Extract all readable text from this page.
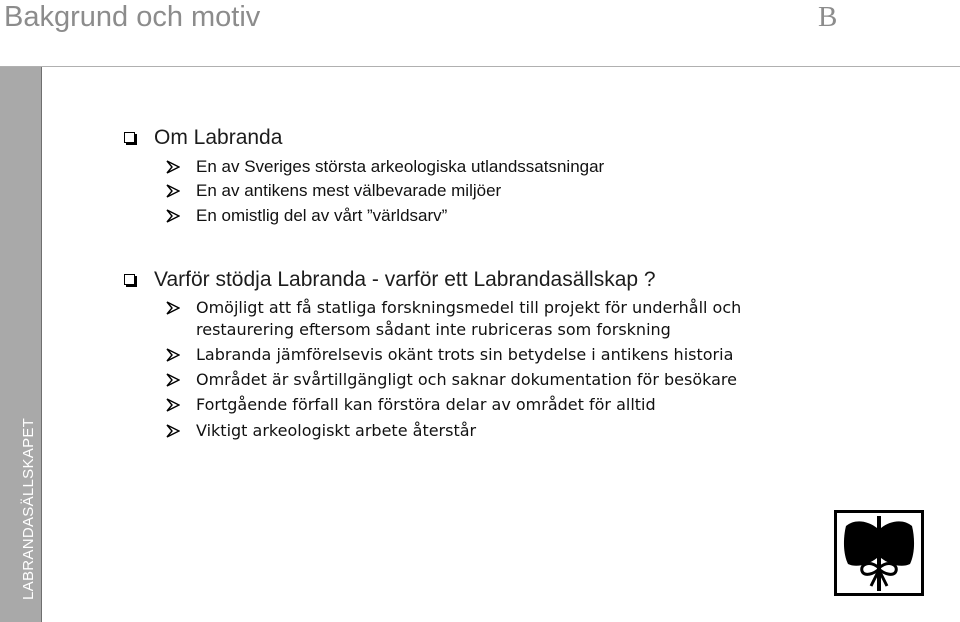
Bakgrund och motiv	B
LABRANDASÄLLSKAPET
Om Labranda
En av Sveriges största arkeologiska utlandssatsningar
En av antikens mest välbevarade miljöer
En omistlig del av vårt ”världsarv”
Varför stödja Labranda - varför ett Labrandasällskap ?
Omöjligt att få statliga forskningsmedel till projekt för underhåll och
restaurering eftersom sådant inte rubriceras som forskning
Labranda jämförelsevis okänt trots sin betydelse i antikens historia
Området är svårtillgängligt och saknar dokumentation för besökare
Fortgående förfall kan förstöra delar av området för alltid
Viktigt arkeologiskt arbete återstår
